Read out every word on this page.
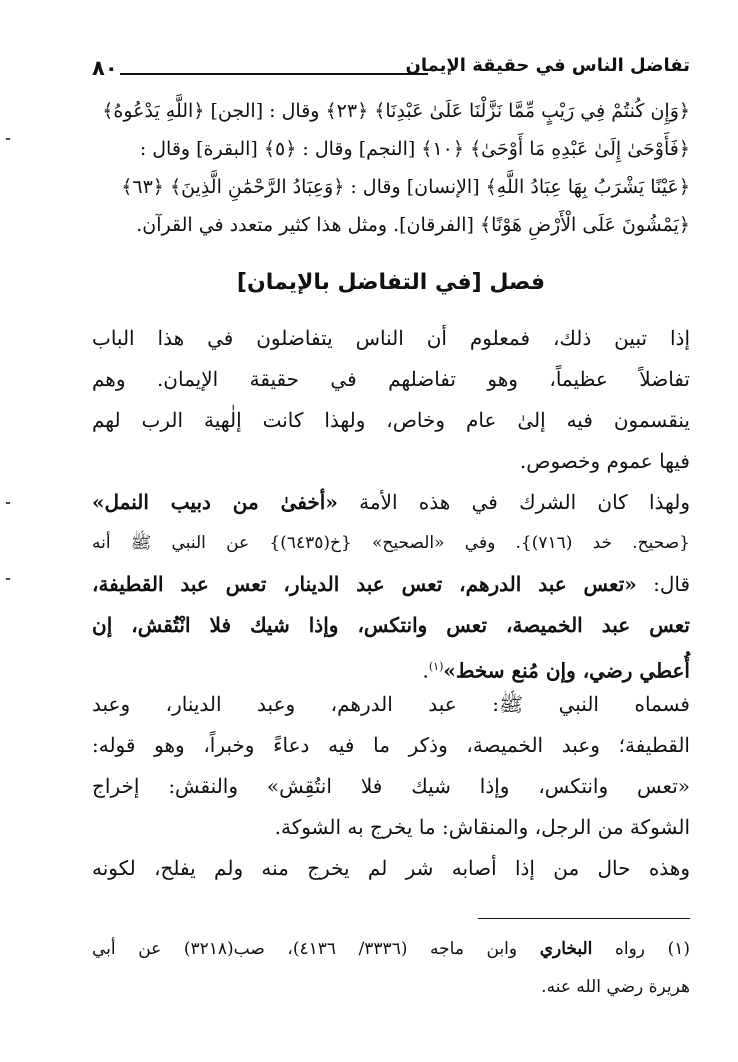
٨٠	تفاضل الناس في حقيقة الإيمان
﴿وَإِن كُنتُمْ فِي رَيْبٍ مِّمَّا نَزَّلْنَا عَلَىٰ عَبْدِنَا﴾ ﴿٢٣﴾ وقال : [الجن] ﴿اللَّهِ يَدْعُوهُ﴾
﴿فَأَوْحَىٰ إِلَىٰ عَبْدِهِ مَا أَوْحَىٰ﴾ ﴿١٠﴾ [النجم] وقال : ﴿٥﴾ [البقرة] وقال :
﴿عَيْنًا يَشْرَبُ بِهَا عِبَادُ اللَّهِ﴾ [الإنسان] وقال : ﴿وَعِبَادُ الرَّحْمَٰنِ الَّذِينَ﴾ ﴿٦٣﴾
﴿يَمْشُونَ عَلَى الْأَرْضِ هَوْنًا﴾ [الفرقان]. ومثل هذا كثير متعدد في القرآن.
فصل [في التفاضل بالإيمان]
إذا تبين ذلك، فمعلوم أن الناس يتفاضلون في هذا الباب
تفاضلاً عظيماً، وهو تفاضلهم في حقيقة الإيمان. وهم
ينقسمون فيه إلىٰ عام وخاص، ولهذا كانت إلٰهية الرب لهم
فيها عموم وخصوص.
ولهذا كان الشرك في هذه الأمة «أخفىٰ من دبيب النمل»
{صحيح. خد (٧١٦)}. وفي «الصحيح» {خ(٦٤٣٥)} عن النبي ﷺ أنه
قال: «تعس عبد الدرهم، تعس عبد الدينار، تعس عبد القطيفة،
تعس عبد الخميصة، تعس وانتكس، وإذا شيك فلا انْتُقش، إن
أُعطي رضي، وإن مُنع سخط»$^{(١)}$.
فسماه النبي ﷺ: عبد الدرهم، وعبد الدينار، وعبد
القطيفة؛ وعبد الخميصة، وذكر ما فيه دعاءً وخبراً، وهو قوله:
«تعس وانتكس، وإذا شيك فلا انتُقِش» والنقش: إخراج
الشوكة من الرجل، والمنقاش: ما يخرج به الشوكة.
وهذه حال من إذا أصابه شر لم يخرج منه ولم يفلح، لكونه
(١) رواه البخاري وابن ماجه (٣٣٣٦/ ٤١٣٦)، صب(٣٢١٨) عن أبي
هريرة رضي الله عنه.
